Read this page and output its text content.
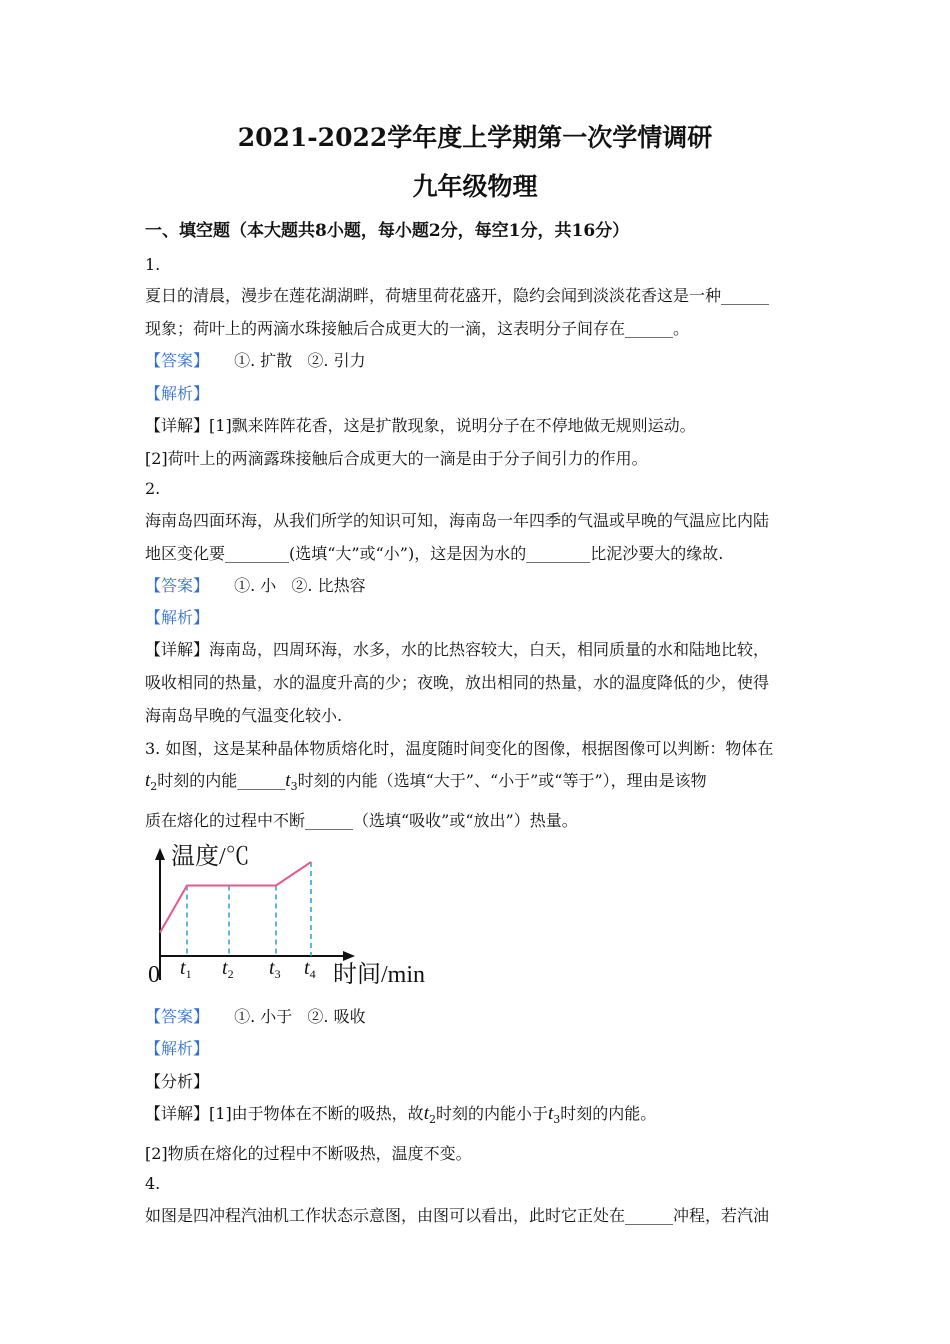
2021-2022学年度上学期第一次学情调研
九年级物理
一、填空题（本大题共8小题，每小题2分，每空1分，共16分）
1.
夏日的清晨，漫步在莲花湖湖畔，荷塘里荷花盛开，隐约会闻到淡淡花香这是一种______
现象；荷叶上的两滴水珠接触后合成更大的一滴，这表明分子间存在______。
【答案】 ①. 扩散 ②. 引力
【解析】
【详解】[1]飘来阵阵花香，这是扩散现象，说明分子在不停地做无规则运动。
[2]荷叶上的两滴露珠接触后合成更大的一滴是由于分子间引力的作用。
2.
海南岛四面环海，从我们所学的知识可知，海南岛一年四季的气温或早晚的气温应比内陆
地区变化要________(选填“大”或“小”)，这是因为水的________比泥沙要大的缘故.
【答案】 ①. 小 ②. 比热容
【解析】
【详解】海南岛，四周环海，水多，水的比热容较大，白天，相同质量的水和陆地比较，
吸收相同的热量，水的温度升高的少；夜晚，放出相同的热量，水的温度降低的少，使得
海南岛早晚的气温变化较小.
3. 如图，这是某种晶体物质熔化时，温度随时间变化的图像，根据图像可以判断：物体在
$t_2$时刻的内能$\_\_\_\_\_\_t_3$时刻的内能（选填“大于”、“小于”或“等于”），理由是该物
质在熔化的过程中不断______（选填“吸收”或“放出”）热量。
温度/℃
0 $t_1$ $t_2$ $t_3$ $t_4$ 时间/min
【答案】 ①. 小于 ②. 吸收
【解析】
【分析】
【详解】[1]由于物体在不断的吸热，故$t_2$时刻的内能小于$t_3$时刻的内能。
[2]物质在熔化的过程中不断吸热，温度不变。
4.
如图是四冲程汽油机工作状态示意图，由图可以看出，此时它正处在______冲程，若汽油
